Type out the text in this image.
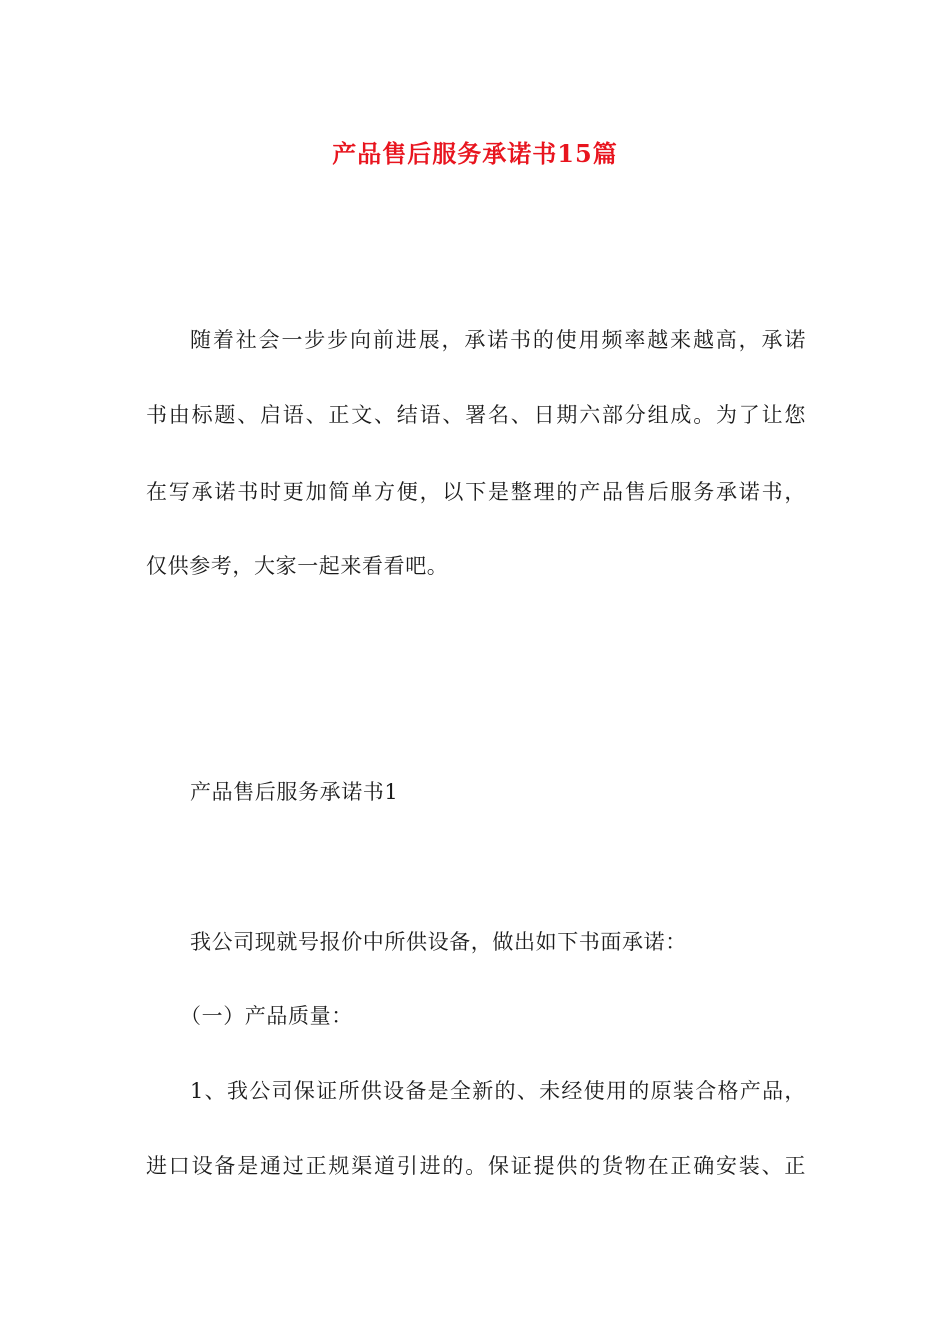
产品售后服务承诺书15篇
随着社会一步步向前进展，承诺书的使用频率越来越高，承诺
书由标题、启语、正文、结语、署名、日期六部分组成。为了让您
在写承诺书时更加简单方便，以下是整理的产品售后服务承诺书，
仅供参考，大家一起来看看吧。
产品售后服务承诺书1
我公司现就号报价中所供设备，做出如下书面承诺：
（一）产品质量：
1、我公司保证所供设备是全新的、未经使用的原装合格产品，
进口设备是通过正规渠道引进的。保证提供的货物在正确安装、正
